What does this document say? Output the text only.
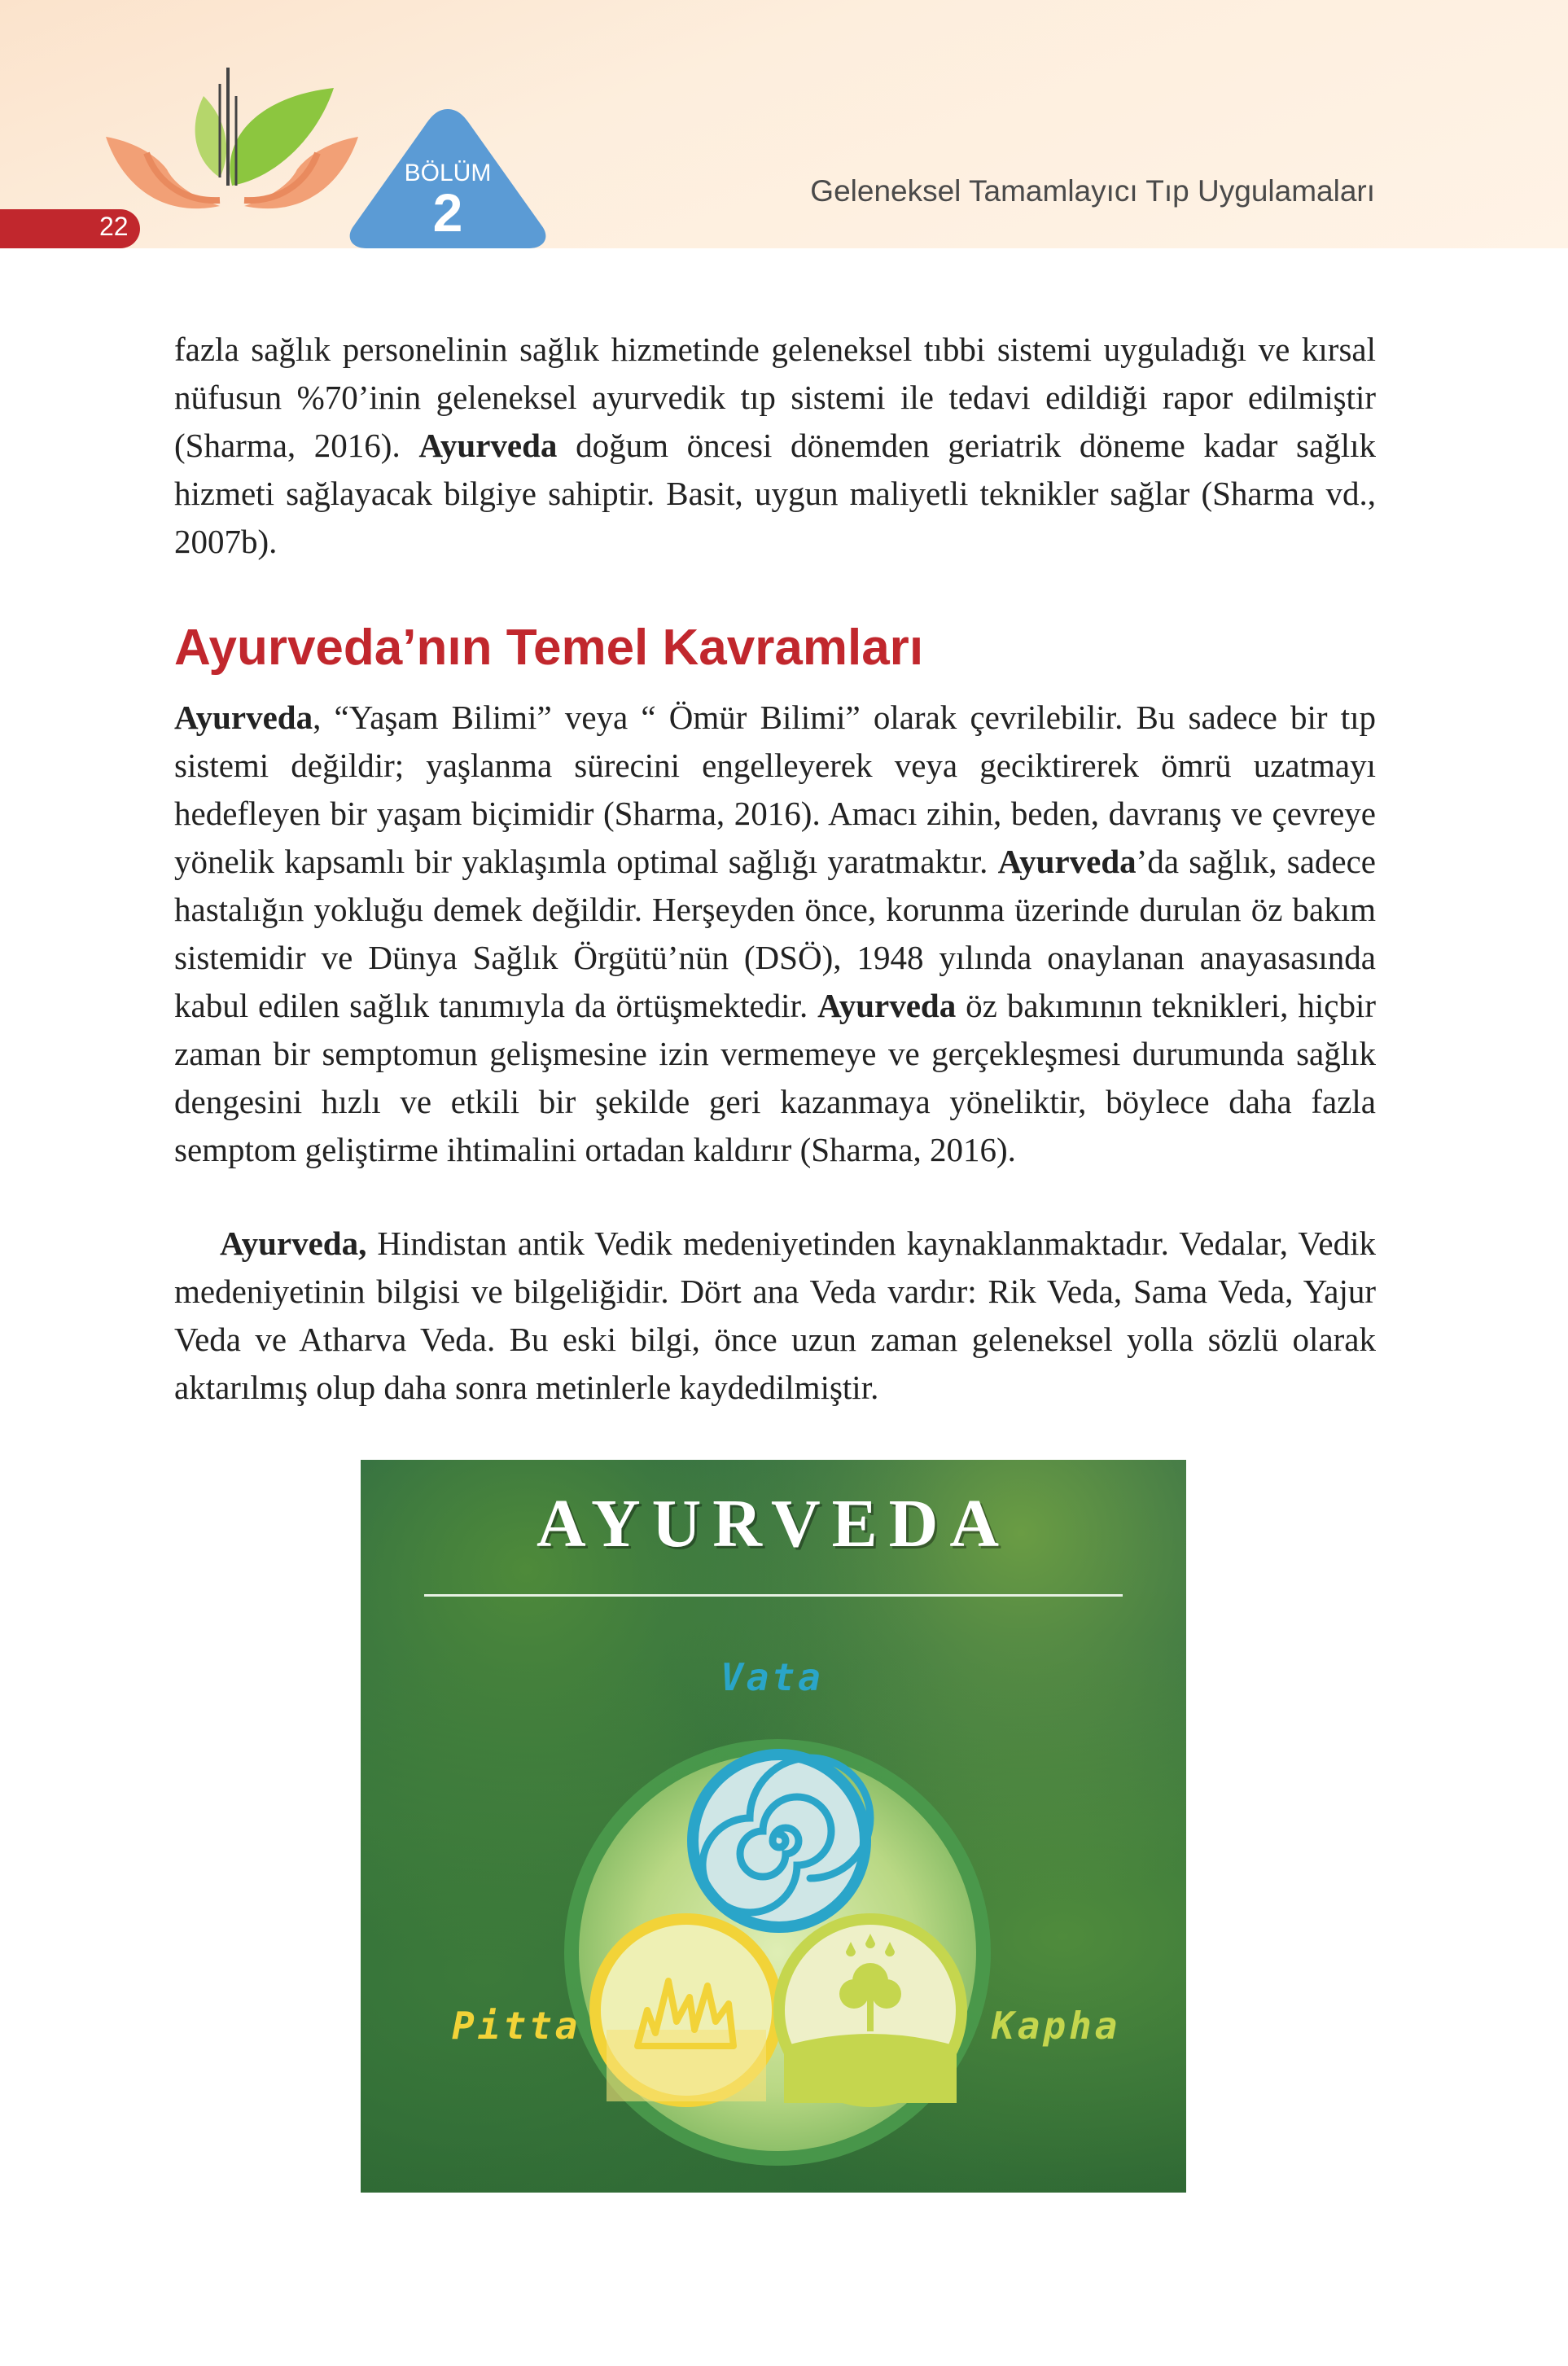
BÖLÜM
2	Geleneksel Tamamlayıcı Tıp Uygulamaları
22

fazla sağlık personelinin sağlık hizmetinde geleneksel tıbbi sistemi uyguladığı ve kırsal nüfusun %70’inin geleneksel ayurvedik tıp sistemi ile tedavi edildiği rapor edilmiştir (Sharma, 2016). Ayurveda doğum öncesi dönemden geriatrik döneme kadar sağlık hizmeti sağlayacak bilgiye sahiptir. Basit, uygun maliyetli teknikler sağlar (Sharma vd., 2007b).

Ayurveda’nın Temel Kavramları

Ayurveda, “Yaşam Bilimi” veya “ Ömür Bilimi” olarak çevrilebilir. Bu sadece bir tıp sistemi değildir; yaşlanma sürecini engelleyerek veya geciktirerek ömrü uzatmayı hedefleyen bir yaşam biçimidir (Sharma, 2016). Amacı zihin, beden, davranış ve çevreye yönelik kapsamlı bir yaklaşımla optimal sağlığı yaratmaktır. Ayurveda’da sağlık, sadece hastalığın yokluğu demek değildir. Herşeyden önce, korunma üzerinde durulan öz bakım sistemidir ve Dünya Sağlık Örgütü’nün (DSÖ), 1948 yılında onaylanan anayasasında kabul edilen sağlık tanımıyla da örtüşmektedir. Ayurveda öz bakımının teknikleri, hiçbir zaman bir semptomun gelişmesine izin vermemeye ve gerçekleşmesi durumunda sağlık dengesini hızlı ve etkili bir şekilde geri kazanmaya yöneliktir, böylece daha fazla semptom geliştirme ihtimalini ortadan kaldırır (Sharma, 2016).

Ayurveda, Hindistan antik Vedik medeniyetinden kaynaklanmaktadır. Vedalar, Vedik medeniyetinin bilgisi ve bilgeliğidir. Dört ana Veda vardır: Rik Veda, Sama Veda, Yajur Veda ve Atharva Veda. Bu eski bilgi, önce uzun zaman geleneksel yolla sözlü olarak aktarılmış olup daha sonra metinlerle kaydedilmiştir.

AYURVEDA
Vata
Pitta	Kapha
